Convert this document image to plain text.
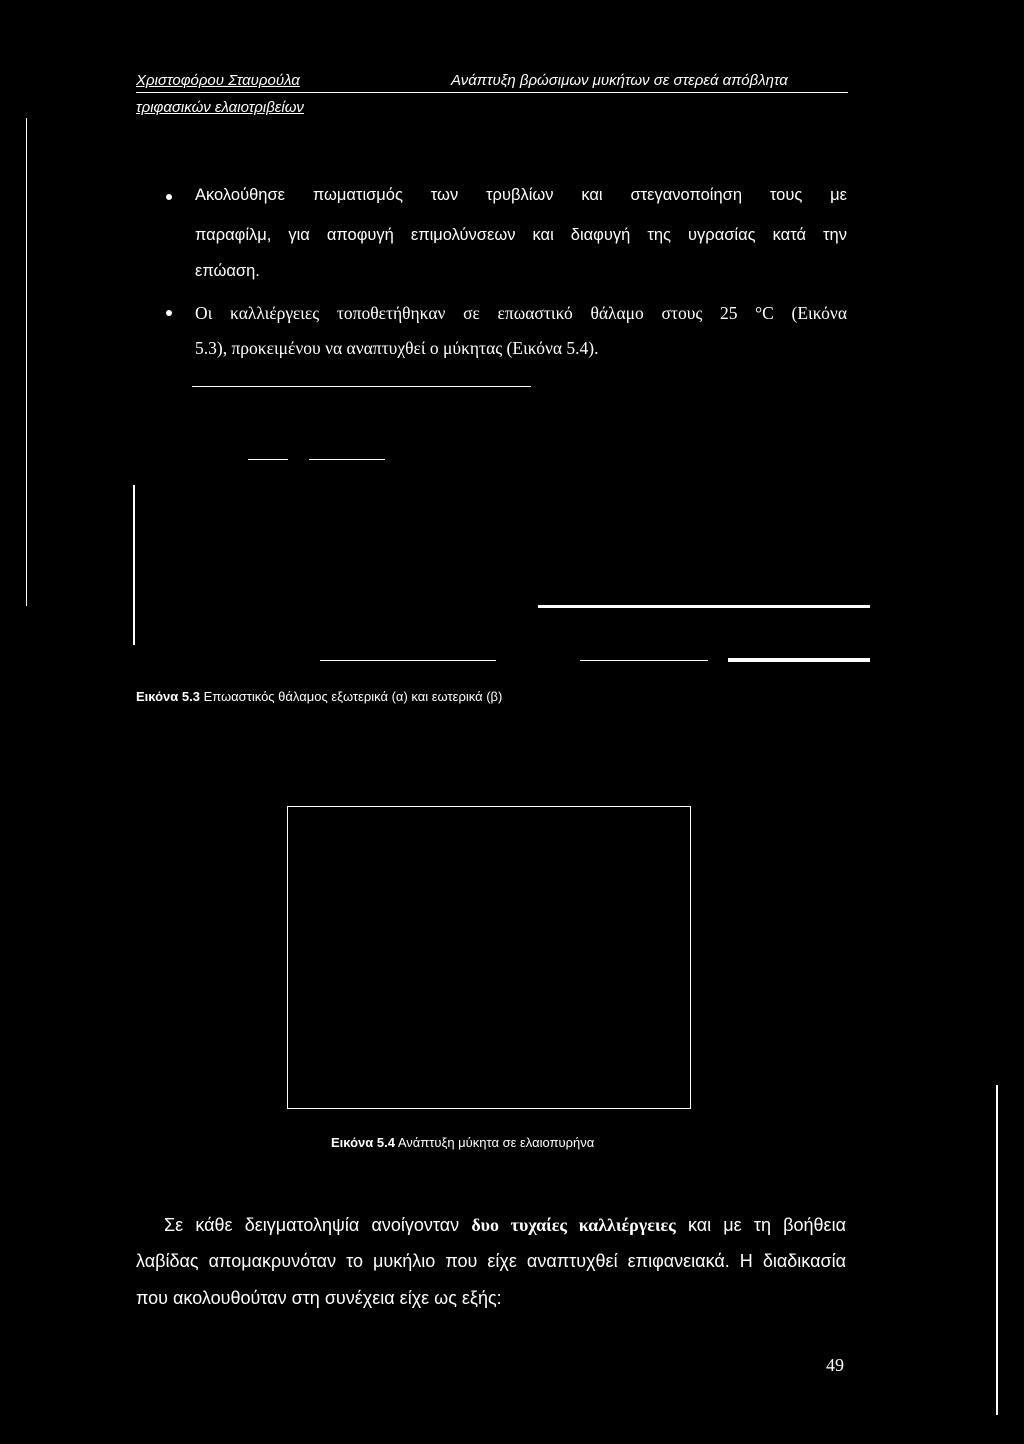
Χριστοφόρου Σταυρούλα
τριφασικών ελαιοτριβείων
Ανάπτυξη βρώσιμων μυκήτων σε στερεά απόβλητα
Ακολούθησε πωματισμός των τρυβλίων και στεγανοποίηση τους με
παραφίλμ, για αποφυγή επιμολύνσεων και διαφυγή της υγρασίας κατά την
επώαση.
Οι καλλιέργειες τοποθετήθηκαν σε επωαστικό θάλαμο στους 25 °C (Εικόνα
5.3), προκειμένου να αναπτυχθεί ο μύκητας (Εικόνα 5.4).
Εικόνα 5.3 Επωαστικός θάλαμος εξωτερικά (α) και εωτερικά (β)
Εικόνα 5.4 Ανάπτυξη μύκητα σε ελαιοπυρήνα
Σε κάθε δειγματοληψία ανοίγονταν δυο τυχαίες καλλιέργειες και με τη βοήθεια
λαβίδας απομακρυνόταν το μυκήλιο που είχε αναπτυχθεί επιφανειακά. Η διαδικασία
που ακολουθούταν στη συνέχεια είχε ως εξής:
49
